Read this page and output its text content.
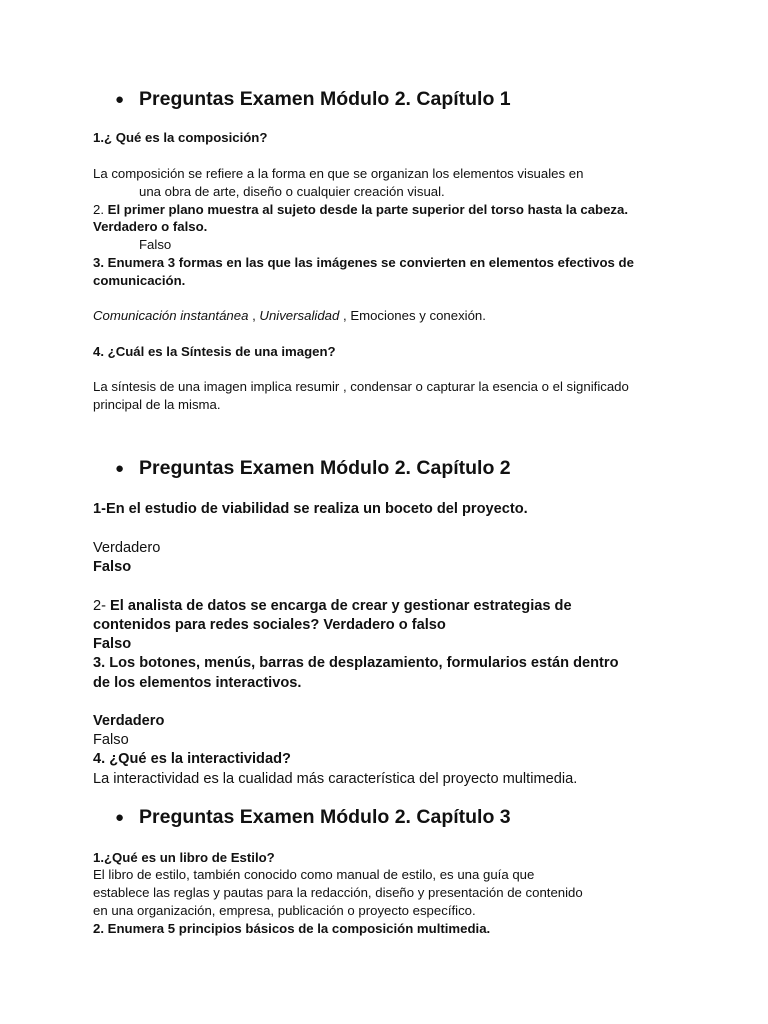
● Preguntas Examen Módulo 2. Capítulo 1
1.¿ Qué es la composición?
La composición se refiere a la forma en que se organizan los elementos visuales en
una obra de arte, diseño o cualquier creación visual.
2. El primer plano muestra al sujeto desde la parte superior del torso hasta la cabeza.
Verdadero o falso.
Falso
3. Enumera 3 formas en las que las imágenes se convierten en elementos efectivos de
comunicación.
Comunicación instantánea , Universalidad , Emociones y conexión.
4. ¿Cuál es la Síntesis de una imagen?
La síntesis de una imagen implica resumir , condensar o capturar la esencia o el significado
principal de la misma.
● Preguntas Examen Módulo 2. Capítulo 2
1-En el estudio de viabilidad se realiza un boceto del proyecto.
Verdadero
Falso
2- El analista de datos se encarga de crear y gestionar estrategias de
contenidos para redes sociales? Verdadero o falso
Falso
3. Los botones, menús, barras de desplazamiento, formularios están dentro
de los elementos interactivos.
Verdadero
Falso
4. ¿Qué es la interactividad?
La interactividad es la cualidad más característica del proyecto multimedia.
● Preguntas Examen Módulo 2. Capítulo 3
1.¿Qué es un libro de Estilo?
El libro de estilo, también conocido como manual de estilo, es una guía que
establece las reglas y pautas para la redacción, diseño y presentación de contenido
en una organización, empresa, publicación o proyecto específico.
2. Enumera 5 principios básicos de la composición multimedia.
